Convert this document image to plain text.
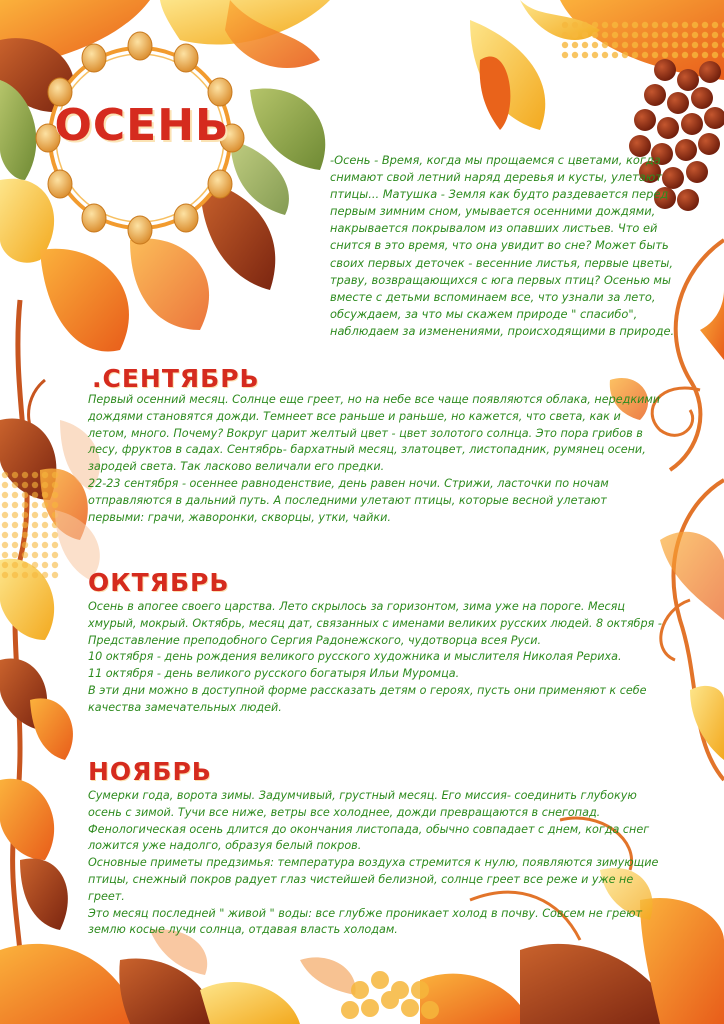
ОСЕНЬ

-Осень - Время, когда мы прощаемся с цветами, когда снимают свой летний наряд деревья и кусты, улетают птицы... Матушка - Земля как будто раздевается перед первым зимним сном, умывается осенними дождями, накрывается покрывалом из опавших листьев. Что ей снится в это время, что она увидит во сне? Может быть своих первых деточек - весенние листья, первые цветы, траву, возвращающихся с юга первых птиц? Осенью мы вместе с детьми вспоминаем все, что узнали за лето, обсуждаем, за что мы скажем природе " спасибо", наблюдаем за изменениями, происходящими в природе.

.СЕНТЯБРЬ

Первый осенний месяц. Солнце еще греет, но на небе все чаще появляются облака, нередкими дождями становятся дожди. Темнеет все раньше и раньше, но кажется, что света, как и летом, много. Почему? Вокруг царит желтый цвет - цвет золотого солнца. Это пора грибов в лесу, фруктов в садах. Сентябрь- бархатный месяц, златоцвет, листопадник, румянец осени, зародей света. Так ласково величали его предки.

22-23 сентября - осеннее равноденствие, день равен ночи. Стрижи, ласточки по ночам отправляются в дальний путь. А последними улетают птицы, которые весной улетают первыми: грачи, жаворонки, скворцы, утки, чайки.

ОКТЯБРЬ

Осень в апогее своего царства. Лето скрылось за горизонтом, зима уже на пороге. Месяц хмурый, мокрый. Октябрь, месяц дат, связанных с именами великих русских людей. 8 октября - Представление преподобного Сергия Радонежского, чудотворца всея Руси.

10 октября - день рождения великого русского художника и мыслителя Николая Рериха.

11 октября - день великого русского богатыря Ильи Муромца.

В эти дни можно в доступной форме рассказать детям о героях, пусть они применяют к себе качества замечательных людей.

НОЯБРЬ

Сумерки года, ворота зимы. Задумчивый, грустный месяц. Его миссия- соединить глубокую осень с зимой. Тучи все ниже, ветры все холоднее, дожди превращаются в снегопад. Фенологическая осень длится до окончания листопада, обычно совпадает с днем, когда снег ложится уже надолго, образуя белый покров.

Основные приметы предзимья: температура воздуха стремится к нулю, появляются зимующие птицы, снежный покров радует глаз чистейшей белизной, солнце греет все реже и уже не греет.

Это месяц последней " живой " воды: все глубже проникает холод в почву. Совсем не греют землю косые лучи солнца, отдавая власть холодам.
